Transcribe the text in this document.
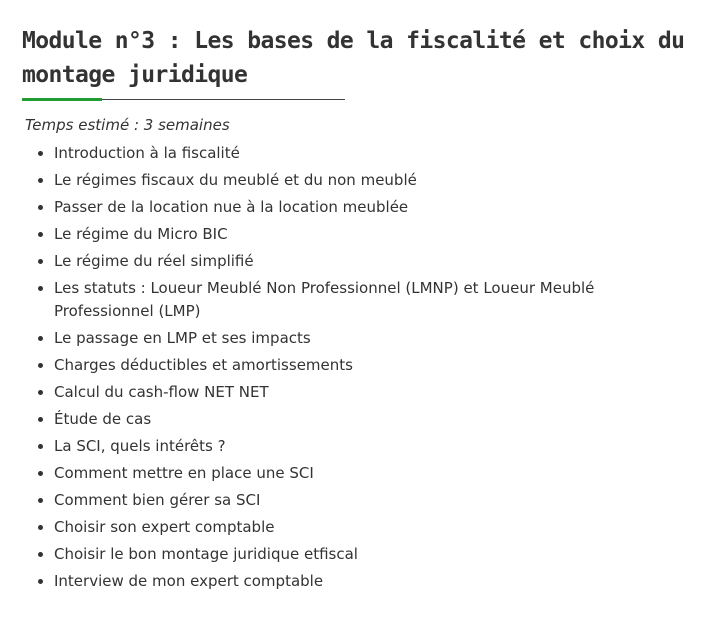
Module n°3 : Les bases de la fiscalité et choix du montage juridique

Temps estimé : 3 semaines

• Introduction à la fiscalité
• Le régimes fiscaux du meublé et du non meublé
• Passer de la location nue à la location meublée
• Le régime du Micro BIC
• Le régime du réel simplifié
• Les statuts : Loueur Meublé Non Professionnel (LMNP) et Loueur Meublé Professionnel (LMP)
• Le passage en LMP et ses impacts
• Charges déductibles et amortissements
• Calcul du cash-flow NET NET
• Étude de cas
• La SCI, quels intérêts ?
• Comment mettre en place une SCI
• Comment bien gérer sa SCI
• Choisir son expert comptable
• Choisir le bon montage juridique etfiscal
• Interview de mon expert comptable
